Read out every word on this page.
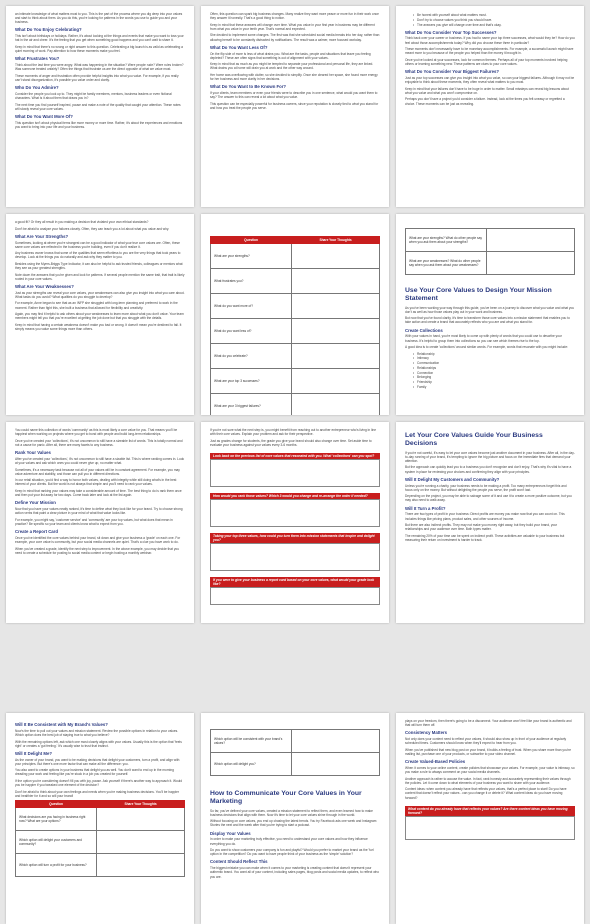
an intimate knowledge of what matters most to you. This is the part of the process where you dig deep into your values and start to think about them. As you do this, you're looking for patterns in the words you use to guide you and your business.

What Do You Enjoy Celebrating?

This isn't about birthdays or holidays. Rather, it's about looking at the things and events that make you want to toss your hat in the air and cheer. It's the feeling that you get when something good happens and you can't wait to share it.

Keep in mind that there's no wrong or right answer to this question. Celebrating a big launch is as valid as celebrating a quiet morning of work. Pay attention to how these moments make you feel.

What Frustrates You?

Think about the last time you were angry. What was happening in the situation? Were people rude? Were rules broken? Was someone treated unfairly? Often the things that frustrate us are the direct opposite of what we value most.

These moments of anger and frustration often provide helpful insights into what you value. For example, if you really can't stand disorganization, it's possible you value order and clarity.

Who Do You Admire?

Consider the people you look up to. They might be family members, mentors, business leaders or even fictional characters. What is it about them that draws you in?

The next time you find yourself inspired, pause and make a note of the quality that caught your attention. These notes will slowly reveal your core values.

What Do You Want More Of?

This question isn't about physical items like more money or more time. Rather, it's about the experiences and emotions you want to bring into your life and your business.

Often, this question can spark big business changes. Many realize they want more peace or more fun in their work once they answer it honestly. That's a good thing to notice.

Keep in mind that these answers will change over time. What you value in your first year in business may be different from what you value in your tenth year. That's normal and expected.

She decided to implement some changes. The first was that she scheduled social media breaks into her day, rather than allowing herself to be constantly distracted by notifications. The result was a calmer, more focused workday.

What Do You Want Less Of?

On the flip side of more is less of what drains you. What are the tasks, people and situations that leave you feeling depleted? These are often signs that something is out of alignment with your values.

Keep in mind that as much as you might be tempted to separate your professional and personal life, they are linked. What drains you at home will drain you at work and the other way around.

Her home was overflowing with clutter, so she decided to simplify. Once she cleared her space, she found more energy for her business and more clarity in her decisions.

What Do You Want to Be Known For?

If your clients, team members or even your friends were to describe you in one sentence, what would you want them to say? The answer to this can reveal a lot about what you value.

This question can be especially powerful for business owners, since your reputation is closely tied to what you stand for and how you treat the people you serve.

• Be honest with yourself about what matters most.
• Don't try to choose values you think you should have.
• The answers you give will change over time and that's okay.
What Do You Consider Your Top Successes?

Think back over your career or business. If you had to name your top three successes, what would they be? How do you feel about those accomplishments today? Why did you choose these three in particular?

These moments don't necessarily have to be monetary accomplishments. For example, a successful launch might have meant more to you because of the people you helped than the money it brought in.

Once you've looked at your successes, look for common themes. Perhaps all of your top moments involved helping others or learning something new. These patterns are clues to your core values.

What Do You Consider Your Biggest Failures?

Just as your top successes can give you insight into what you value, so can your biggest failures. Although it may not be enjoyable to think about these moments, they often reveal what matters to you most.

Keep in mind that your failures don't have to be huge in order to matter. Small missteps can reveal big lessons about what you value and what you won't compromise on.

Perhaps you don't have a project you'd consider a failure. Instead, look at the times you felt uneasy or regretted a choice. These moments can be just as revealing.

a good fit? Or they all result in you making a decision that violated your own ethical standards?

Don't be afraid to analyze your failures closely. Often, they can teach you a lot about what you value and why.

What Are Your Strengths?

Sometimes, looking at where you're strongest can be a good indicator of what your true core values are. Often, these same core values are reflected in the business you're building, even if you don't realize it.

Any business owner knows that some of the qualities that seem effortless to you are the very things that took years to develop. Look at the things you do naturally and ask why they matter to you.

Besides using the Myers-Briggs Type Indicator, it can also be helpful to ask trusted friends, colleagues or mentors what they see as your greatest strengths.

Note down the answers that you're given and look for patterns. If several people mention the same trait, that trait is likely rooted in your core values.

What Are Your Weaknesses?

Just as your strengths can reveal your core values, your weaknesses can also give you insight into what you care about. What tasks do you avoid? What qualities do you struggle to develop?

For example, Anne began to see that as an INFP she struggled with long-term planning and preferred to work in the moment. Rather than fight this, she built a business that allowed for flexibility and creativity.

Again, you may find it helpful to ask others about your weaknesses to learn more about what you don't value. Your team members might tell you that you're excellent at getting the job done but that you struggle with the details.

Keep in mind that having a certain weakness doesn't make you bad or wrong. It doesn't mean you're destined to fail. It simply means you value some things more than others.

Question	Share Your Thoughts
What are your strengths?	
What frustrates you?	
What do you want more of?	
What do you want less of?	
What do you celebrate?	
What are your top 3 successes?	
What are your 3 biggest failures?	
What are your strengths? What do other people say when you ask them about your strengths?	
What are your weaknesses? What do other people say when you ask them about your weaknesses?	
Use Your Core Values to Design Your Mission Statement

As you've been working your way through this guide, you've been on a journey to discover what you value and what you don't as well as how those values play out in your work and business.

But now that you've found clarity, it's time to transform those core values into a mission statement that enables you to take action and create a brand that accurately reflects who you are and what you stand for.

Create Collections

With your values in hand, you're most likely to come up with plenty of words that you could use to describe your business. It's helpful to group them into collections so you can see which themes rise to the top.

A good idea is to create 'collections' around similar words. For example, words that resonate with you might include:

• Relationship
• Intimacy
• Communication
• Relationships
• Connection
• Belonging
• Friendship
• Family

You could name this collection of words 'community' as this is most likely a core value for you. That means you'll be happiest when working on projects where you get to bond with people and build long-term relationships.

Once you've created your 'collections', it's not uncommon to still have a sizeable list of words. This is totally normal and not a cause for panic. After all, there are many facets to any business.

Rank Your Values

After you've created your 'collections', it's not uncommon to still have a sizable list. This is where ranking comes in. Look at your values and ask which ones you could never give up, no matter what.

Sometimes, it's a necessary task because not all of your values will be in constant agreement. For example, you may value adventure and stability, and those can pull you in different directions.

In our retail situation, you'd find a way to honor both values, dealing with integrity while still doing what's in the best interest of your clients. But the world is not always that simple and you'll need to rank your values.

Keep in mind that ranking your values may take a considerable amount of time. The best thing to do is rank them once and then put your list away for two days. Come back later and look at the list again.

Define Your Mission

Now that you have your values neatly ranked, it's time to define what they look like for your brand. Try to choose strong action verbs that paint a clear picture in your mind of what that value looks like.

For example, you might say, 'customer service' and 'community' are your top values, but what does that mean in practice? Be specific so your team and clients know what to expect from you.

Create a Report Card

Once you've identified the core values behind your brand, sit down and give your business a 'grade' on each one. For example, your core value is community, but your social media channels are quiet. That's a clue you have work to do.

When you've created a grade, identify the next step to improvement. In the above example, you may decide that you need to create a schedule for posting to social media content or begin hosting a monthly webinar.

If you're not sure what the next step is, you might benefit from reaching out to another entrepreneur who's living in line with their core values. Explain your problem and ask for their perspective.

Just as grades change for students, the grade you give your brand should also change over time. Set aside time to evaluate your business against your values every 3-6 months.

Look back on the previous list of core values that resonated with you. What 'collections' can you spot?
How would you rank those values? Which 3 would you change and re-arrange the order if needed?
Taking your top three values, how could you turn them into mission statements that inspire and delight you?
If you were to give your business a report card based on your core values, what would your grade look like?
Let Your Core Values Guide Your Business Decisions

If you're not careful, it's easy to let your core values become just another document in your business. After all, in the day-to-day running of your brand, it's tempting to ignore the big picture and focus on the immediate fires that demand your attention.

But the approach can quickly lead you to a business you don't recognize and don't enjoy. That's why it's vital to have a system in place for reviewing your choices and confirming they align with your principles.

Will It Delight My Customers and Community?

Unless you're running a charity, your business needs to be making a profit. Too many entrepreneurs forget this and focus only on the money. But without delighting the people you serve, the profit won't last.

Depending on the project, you may be able to salvage some of it and use it to create a more positive outcome, but you may also need to walk away.

Will It Turn a Profit?

There are two types of profit in your business: Direct profits are money you make now that you can count on. This includes things like pricing plans, product sales, and other sources of income.

But there are also indirect profits. They may not make you money right away, but they build your brand, your relationships and your audience over time. Both types matter.

The remaining 20% of your time can be spent on indirect profit. These activities are valuable to your business but measuring their return on investment is harder to track.

Will It Be Consistent with My Brand's Values?

Now's the time to pull out your values and mission statement. Review the possible options in relation to your values. Which option does the best job of staying true to what you believe?

With the remaining options left, ask which one most closely aligns with your values. Usually this is the option that 'feels right' or creates a 'gut feeling.' It's usually wise to trust that instinct.

Will It Delight Me?

As the owner of your brand, you want to be making decisions that delight your customers, turn a profit, and align with your principles. But there's one more factor that can make all the difference: you.

You also want to create options in your business that delight you as well. You don't want to end up in the morning dreading your work and feeling like you're stuck in a job you created for yourself.

If the option you're considering doesn't fill you with joy, pause. Ask yourself if there's another way to approach it. Would you be happier if you tweaked one element of the decision?

Don't be afraid to think about your own feelings and needs when you're making business decisions. You'll be happier and healthier for it and so will your brand!

Question	Share Your Thoughts
What decisions are you facing in business right now? What are your options?	
Which option will delight your customers and community?	
Which option will turn a profit for your business?	
Which option will be consistent with your brand's values?	
Which option will delight you?	
How to Communicate Your Core Values in Your Marketing

So far, you've defined your core values, created a mission statement to reflect them, and even learned how to make business decisions that align with them. Now it's time to let your core values shine through in the world.

Without focusing on core values, you end up chasing the latest trends. You try Facebook ads one week and Instagram Stories the next and the week after that you're trying to start a podcast.

Display Your Values

In order to make your marketing truly effective, you need to understand your core values and how they influence everything you do.

Do you want to show customers your company is fun and playful? Would you prefer to market your brand as the 'fun' option in the competition? Do you want to have people think of your business as the 'simple' solution?

Content Should Reflect This

The biggest mistake you can make when it comes to your marketing is creating content that doesn't represent your authentic brand. You want all of your content, including sales pages, blog posts and social media updates, to reflect who you are.

plays on your freedom, then there's going to be a disconnect. Your audience won't feel like your brand is authentic and that will turn them off.

Consistency Matters

Not only does your content need to reflect your values, it should also show up in front of your audience at regularly scheduled times. Customers should know when they'll expect to hear from you.

When you've published that new blog post on your brand, it builds a feeling of trust. When you share more than you're mailing list, purchase one of your products, or subscribe to your video channel.

Create Valued-Based Policies

When it comes to your online content, create policies that showcase your values. For example, your value is intimacy, so you make a rule to always comment on your social media channels.

Another approach is rather to accuse the value. In fact, rank honesty and accurately representing their values through the policies. Let it come down to what elements of your business you want to share with your audience.

Content ideas: when content you already have that reflects your values, that's a perfect place to start! Do you have content that doesn't reflect your values - can you change it or delete it? What content ideas do you have moving forward?

What content do you already have that reflects your values? Are there content ideas you have moving forward?
